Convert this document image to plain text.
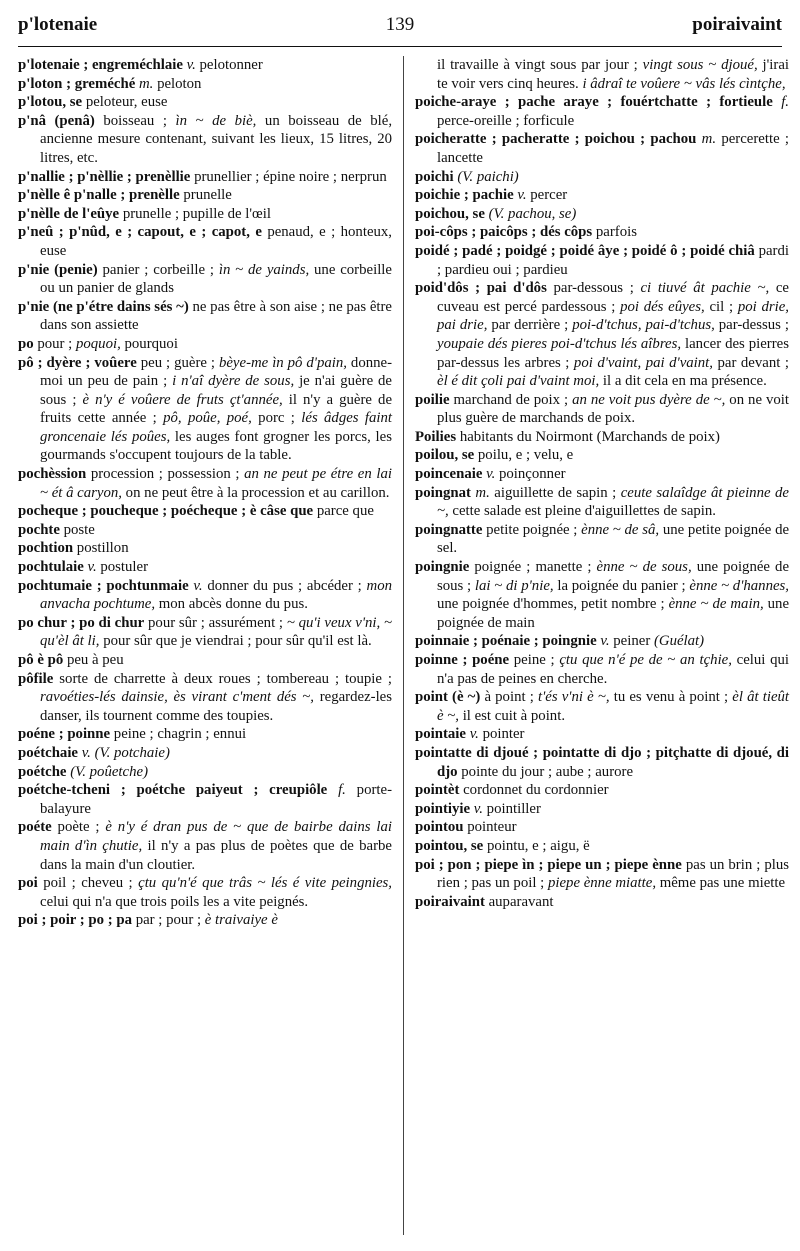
p'lotenaie	139	poiraivaint

p'lotenaie ; engreméchlaie v. pelotonner

p'loton ; greméché m. peloton

p'lotou, se peloteur, euse

p'nâ (penâ) boisseau ; ìn ~ de biè, un boisseau de blé, ancienne mesure contenant, suivant les lieux, 15 litres, 20 litres, etc.

p'nallie ; p'nèllie ; prenèllie prunellier ; épine noire ; nerprun

p'nèlle ê p'nalle ; prenèlle prunelle

p'nèlle de l'eûye prunelle ; pupille de l'œil

p'neû ; p'nûd, e ; capout, e ; capot, e penaud, e ; honteux, euse

p'nie (penie) panier ; corbeille ; ìn ~ de yainds, une corbeille ou un panier de glands

p'nie (ne p'étre dains sés ~) ne pas être à son aise ; ne pas être dans son assiette

po pour ; poquoi, pourquoi

pô ; dyère ; voûere peu ; guère ; bèye-me ìn pô d'pain, donne-moi un peu de pain ; i n'aî dyère de sous, je n'ai guère de sous ; è n'y é voûere de fruts çt'année, il n'y a guère de fruits cette année ; pô, poûe, poé, porc ; lés âdges faint groncenaie lés poûes, les auges font grogner les porcs, les gourmands s'occupent toujours de la table.

pochèssion procession ; possession ; an ne peut pe étre en lai ~ ét â caryon, on ne peut être à la procession et au carillon.

pocheque ; poucheque ; poécheque ; è câse que parce que

pochte poste

pochtion postillon

pochtulaie v. postuler

pochtumaie ; pochtunmaie v. donner du pus ; abcéder ; mon anvacha pochtume, mon abcès donne du pus.

po chur ; po di chur pour sûr ; assurément ; ~ qu'i veux v'ni, ~ qu'èl ât li, pour sûr que je viendrai ; pour sûr qu'il est là.

pô è pô peu à peu

pôfile sorte de charrette à deux roues ; tombereau ; toupie ; ravoéties-lés dainsie, ès virant c'ment dés ~, regardez-les danser, ils tournent comme des toupies.

poéne ; poinne peine ; chagrin ; ennui

poétchaie v. (V. potchaie)

poétche (V. poûetche)

poétche-tcheni ; poétche paiyeut ; creupiôle f. porte-balayure

poéte poète ; è n'y é dran pus de ~ que de bairbe dains lai main d'ìn çhutie, il n'y a pas plus de poètes que de barbe dans la main d'un cloutier.

poi poil ; cheveu ; çtu qu'n'é que trâs ~ lés é vite peingnies, celui qui n'a que trois poils les a vite peignés.

poi ; poir ; po ; pa par ; pour ; è traivaiye è

il travaille à vingt sous par jour ; vingt sous ~ djoué, j'irai te voir vers cinq heures. i âdraî te voûere ~ vâs lés cìntçhe,

poiche-araye ; pache araye ; fouértchatte ; fortieule f. perce-oreille ; forficule

poicheratte ; pacheratte ; poichou ; pachou m. percerette ; lancette

poichi (V. paichi)

poichie ; pachie v. percer

poichou, se (V. pachou, se)

poi-côps ; paicôps ; dés côps parfois

poidé ; padé ; poidgé ; poidé âye ; poidé ô ; poidé chiâ pardi ; pardieu oui ; pardieu

poid'dôs ; pai d'dôs par-dessous ; ci tiuvé ât pachie ~, ce cuveau est percé pardessous ; poi dés eûyes, cil ; poi drie, pai drie, par derrière ; poi-d'tchus, pai-d'tchus, par-dessus ; youpaie dés pieres poi-d'tchus lés aîbres, lancer des pierres par-dessus les arbres ; poi d'vaint, pai d'vaint, par devant ; èl é dit çoli pai d'vaint moi, il a dit cela en ma présence.

poilie marchand de poix ; an ne voit pus dyère de ~, on ne voit plus guère de marchands de poix.

Poilies habitants du Noirmont (Marchands de poix)

poilou, se poilu, e ; velu, e

poincenaie v. poinçonner

poingnat m. aiguillette de sapin ; ceute salaîdge ât pieinne de ~, cette salade est pleine d'aiguillettes de sapin.

poingnatte petite poignée ; ènne ~ de sâ, une petite poignée de sel.

poingnie poignée ; manette ; ènne ~ de sous, une poignée de sous ; lai ~ di p'nie, la poignée du panier ; ènne ~ d'hannes, une poignée d'hommes, petit nombre ; ènne ~ de main, une poignée de main

poinnaie ; poénaie ; poingnie v. peiner (Guélat)

poinne ; poéne peine ; çtu que n'é pe de ~ an tçhie, celui qui n'a pas de peines en cherche.

point (è ~) à point ; t'és v'ni è ~, tu es venu à point ; èl ât tieût è ~, il est cuit à point.

pointaie v. pointer

pointatte di djoué ; pointatte di djo ; pitçhatte di djoué, di djo pointe du jour ; aube ; aurore

pointèt cordonnet du cordonnier

pointiyie v. pointiller

pointou pointeur

pointou, se pointu, e ; aigu, ë

poi ; pon ; piepe ìn ; piepe un ; piepe ènne pas un brin ; plus rien ; pas un poil ; piepe ènne miatte, même pas une miette

poiraivaint auparavant
